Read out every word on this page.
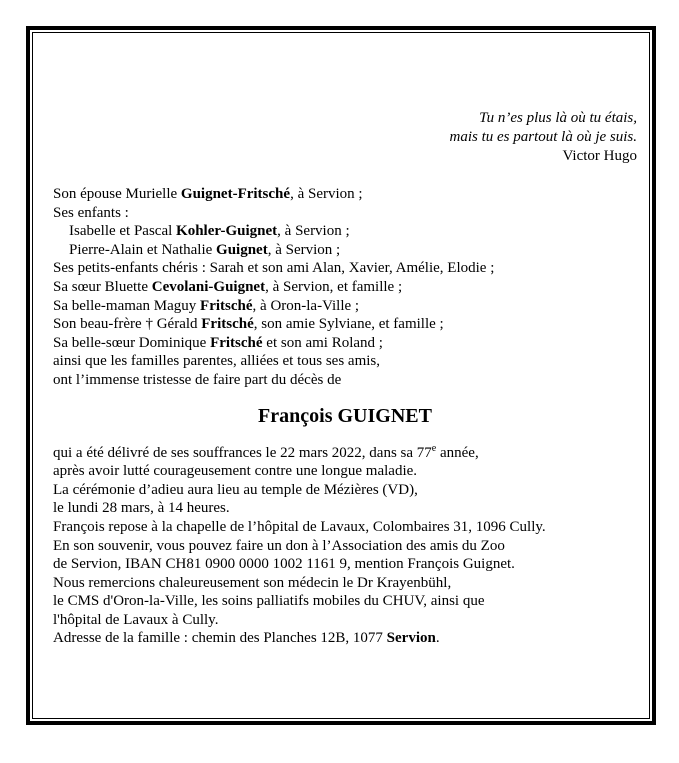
Tu n’es plus là où tu étais,
mais tu es partout là où je suis.
Victor Hugo
Son épouse Murielle Guignet-Fritsché, à Servion ;
Ses enfants :
Isabelle et Pascal Kohler-Guignet, à Servion ;
Pierre-Alain et Nathalie Guignet, à Servion ;
Ses petits-enfants chéris : Sarah et son ami Alan, Xavier, Amélie, Elodie ;
Sa sœur Bluette Cevolani-Guignet, à Servion, et famille ;
Sa belle-maman Maguy Fritsché, à Oron-la-Ville ;
Son beau-frère † Gérald Fritsché, son amie Sylviane, et famille ;
Sa belle-sœur Dominique Fritsché et son ami Roland ;
ainsi que les familles parentes, alliées et tous ses amis,
ont l’immense tristesse de faire part du décès de
François GUIGNET
qui a été délivré de ses souffrances le 22 mars 2022, dans sa 77e année,
après avoir lutté courageusement contre une longue maladie.
La cérémonie d’adieu aura lieu au temple de Mézières (VD),
le lundi 28 mars, à 14 heures.
François repose à la chapelle de l’hôpital de Lavaux, Colombaires 31, 1096 Cully.
En son souvenir, vous pouvez faire un don à l’Association des amis du Zoo
de Servion, IBAN CH81 0900 0000 1002 1161 9, mention François Guignet.
Nous remercions chaleureusement son médecin le Dr Krayenbühl,
le CMS d'Oron-la-Ville, les soins palliatifs mobiles du CHUV, ainsi que
l'hôpital de Lavaux à Cully.
Adresse de la famille : chemin des Planches 12B, 1077 Servion.
